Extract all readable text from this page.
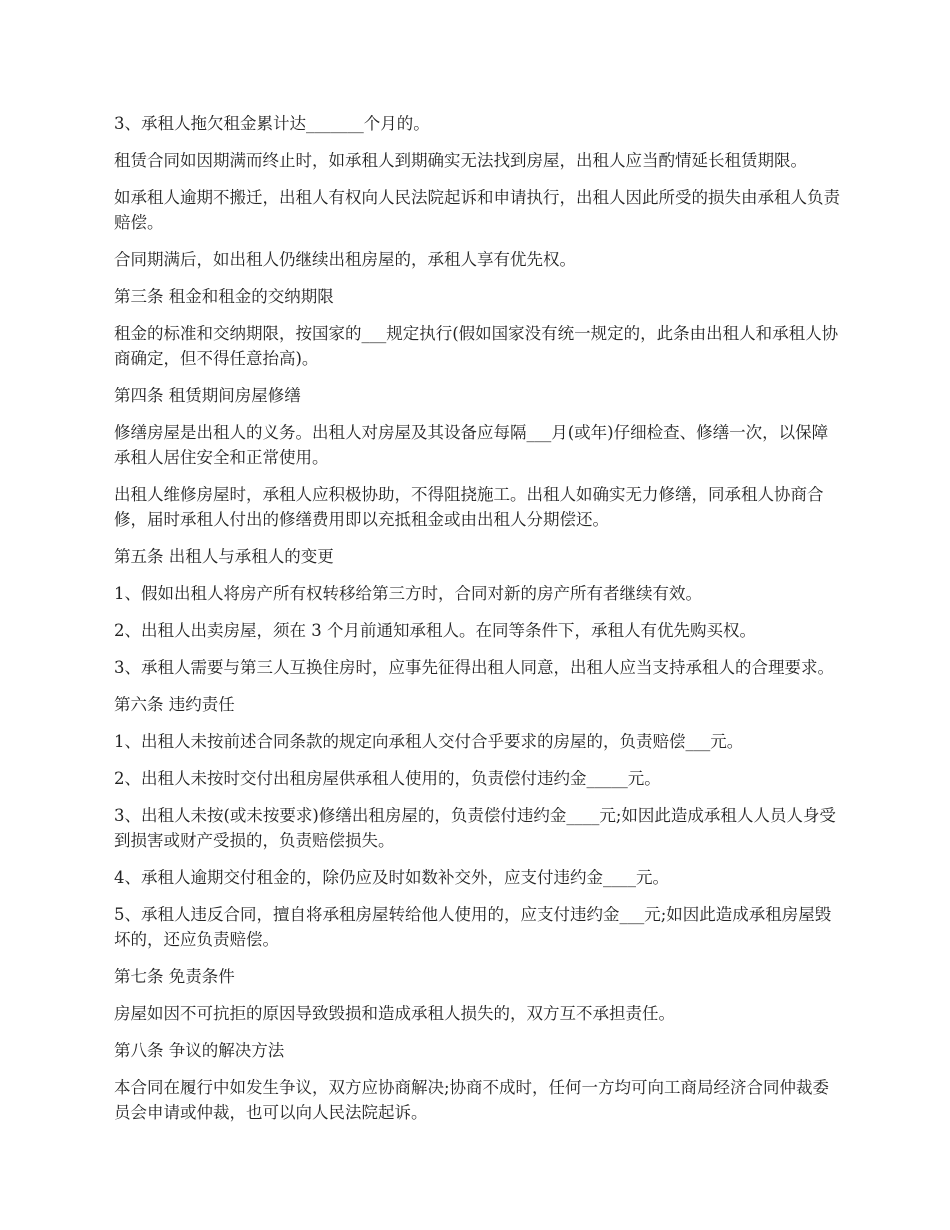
3、承租人拖欠租金累计达_______个月的。

租赁合同如因期满而终止时，如承租人到期确实无法找到房屋，出租人应当酌情延长租赁期限。

如承租人逾期不搬迁，出租人有权向人民法院起诉和申请执行，出租人因此所受的损失由承租人负责赔偿。

合同期满后，如出租人仍继续出租房屋的，承租人享有优先权。

第三条 租金和租金的交纳期限

租金的标准和交纳期限，按国家的___规定执行(假如国家没有统一规定的，此条由出租人和承租人协商确定，但不得任意抬高)。

第四条 租赁期间房屋修缮

修缮房屋是出租人的义务。出租人对房屋及其设备应每隔___月(或年)仔细检查、修缮一次，以保障承租人居住安全和正常使用。

出租人维修房屋时，承租人应积极协助，不得阻挠施工。出租人如确实无力修缮，同承租人协商合修，届时承租人付出的修缮费用即以充抵租金或由出租人分期偿还。

第五条 出租人与承租人的变更

1、假如出租人将房产所有权转移给第三方时，合同对新的房产所有者继续有效。

2、出租人出卖房屋，须在 3 个月前通知承租人。在同等条件下，承租人有优先购买权。

3、承租人需要与第三人互换住房时，应事先征得出租人同意，出租人应当支持承租人的合理要求。

第六条 违约责任

1、出租人未按前述合同条款的规定向承租人交付合乎要求的房屋的，负责赔偿___元。

2、出租人未按时交付出租房屋供承租人使用的，负责偿付违约金_____元。

3、出租人未按(或未按要求)修缮出租房屋的，负责偿付违约金____元;如因此造成承租人人员人身受到损害或财产受损的，负责赔偿损失。

4、承租人逾期交付租金的，除仍应及时如数补交外，应支付违约金____元。

5、承租人违反合同，擅自将承租房屋转给他人使用的，应支付违约金___元;如因此造成承租房屋毁坏的，还应负责赔偿。

第七条 免责条件

房屋如因不可抗拒的原因导致毁损和造成承租人损失的，双方互不承担责任。

第八条 争议的解决方法

本合同在履行中如发生争议，双方应协商解决;协商不成时，任何一方均可向工商局经济合同仲裁委员会申请或仲裁，也可以向人民法院起诉。
